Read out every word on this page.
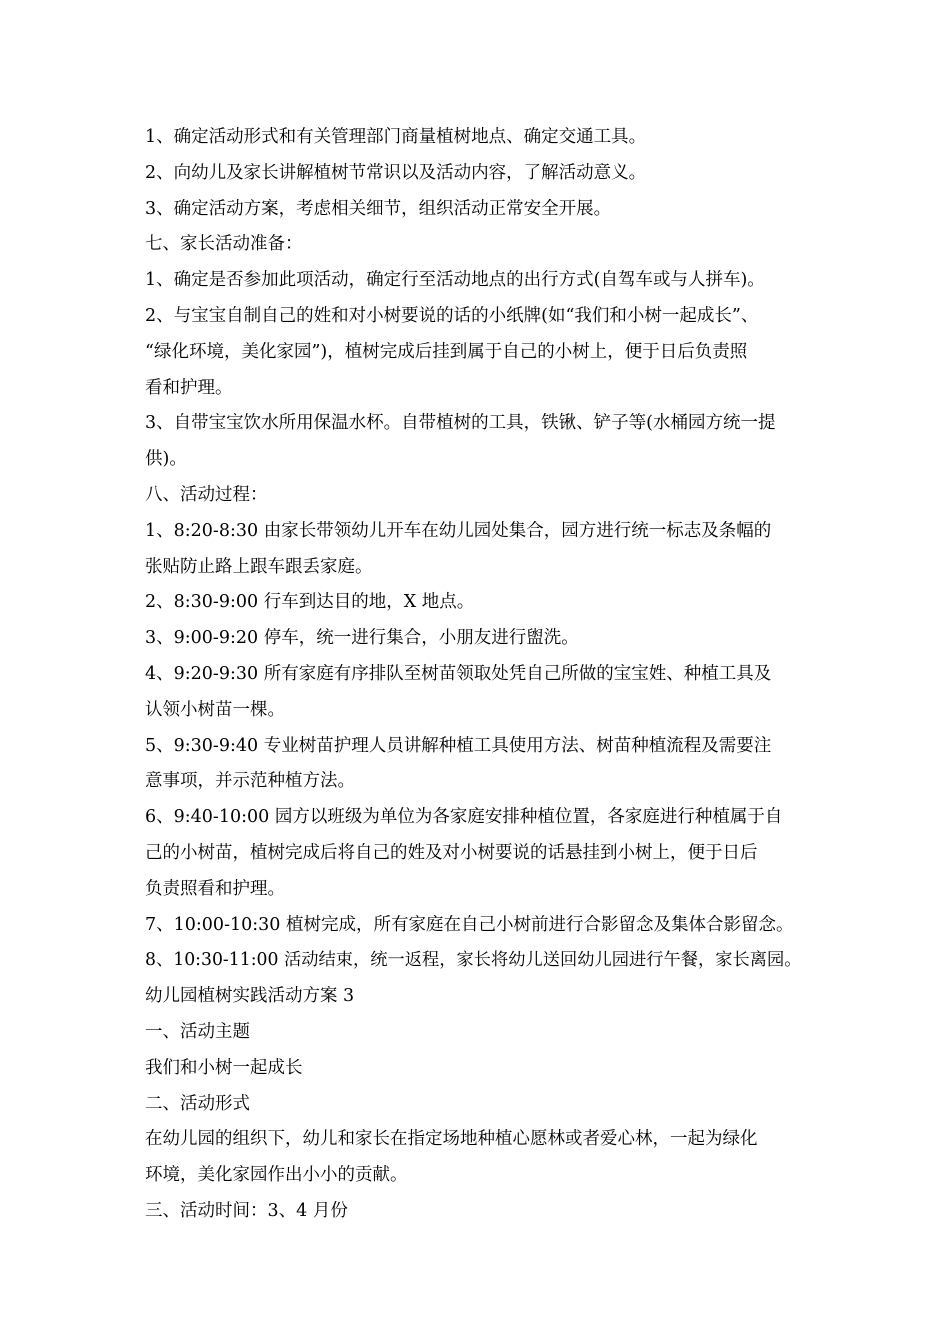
1、确定活动形式和有关管理部门商量植树地点、确定交通工具。
2、向幼儿及家长讲解植树节常识以及活动内容，了解活动意义。
3、确定活动方案，考虑相关细节，组织活动正常安全开展。
七、家长活动准备：
1、确定是否参加此项活动，确定行至活动地点的出行方式(自驾车或与人拼车)。
2、与宝宝自制自己的姓和对小树要说的话的小纸牌(如“我们和小树一起成长”、
“绿化环境，美化家园”)，植树完成后挂到属于自己的小树上，便于日后负责照
看和护理。
3、自带宝宝饮水所用保温水杯。自带植树的工具，铁锹、铲子等(水桶园方统一提
供)。
八、活动过程：
1、8:20-8:30 由家长带领幼儿开车在幼儿园处集合，园方进行统一标志及条幅的
张贴防止路上跟车跟丢家庭。
2、8:30-9:00 行车到达目的地，X 地点。
3、9:00-9:20 停车，统一进行集合，小朋友进行盥洗。
4、9:20-9:30 所有家庭有序排队至树苗领取处凭自己所做的宝宝姓、种植工具及
认领小树苗一棵。
5、9:30-9:40 专业树苗护理人员讲解种植工具使用方法、树苗种植流程及需要注
意事项，并示范种植方法。
6、9:40-10:00 园方以班级为单位为各家庭安排种植位置，各家庭进行种植属于自
己的小树苗，植树完成后将自己的姓及对小树要说的话悬挂到小树上，便于日后
负责照看和护理。
7、10:00-10:30 植树完成，所有家庭在自己小树前进行合影留念及集体合影留念。
8、10:30-11:00 活动结束，统一返程，家长将幼儿送回幼儿园进行午餐，家长离园。
幼儿园植树实践活动方案 3
一、活动主题
我们和小树一起成长
二、活动形式
在幼儿园的组织下，幼儿和家长在指定场地种植心愿林或者爱心林，一起为绿化
环境，美化家园作出小小的贡献。
三、活动时间：3、4 月份
